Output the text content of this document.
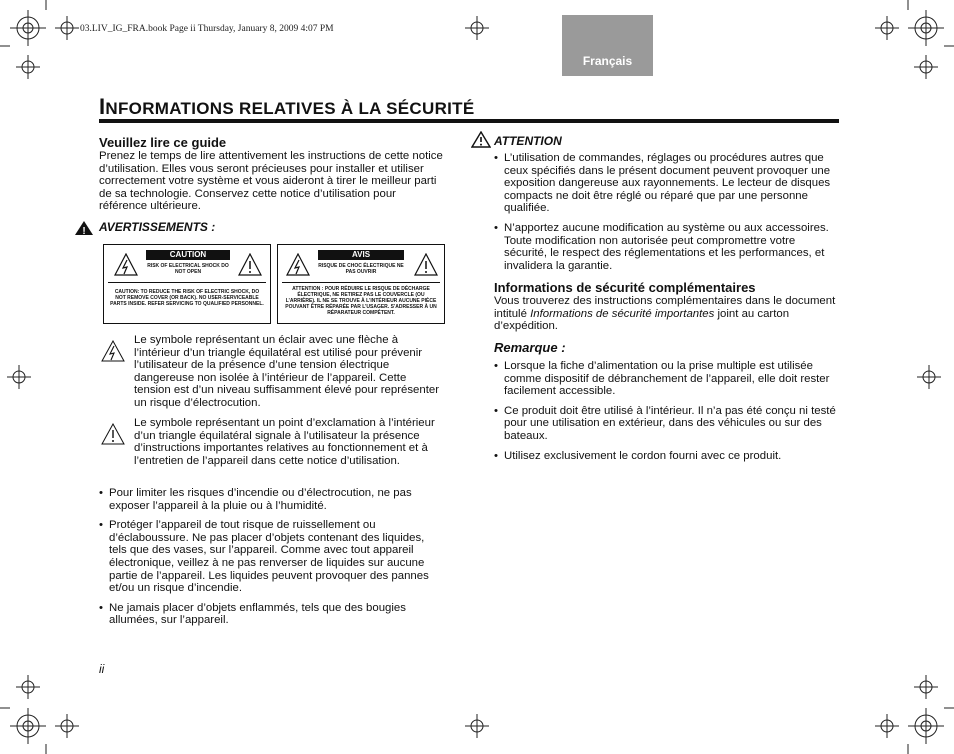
03.LIV_IG_FRA.book Page ii Thursday, January 8, 2009 4:07 PM
Français
INFORMATIONS RELATIVES À LA SÉCURITÉ

Veuillez lire ce guide

Prenez le temps de lire attentivement les instructions de cette notice d’utilisation. Elles vous seront précieuses pour installer et utiliser correctement votre système et vous aideront à tirer le meilleur parti de sa technologie. Conservez cette notice d’utilisation pour référence ultérieure.

! AVERTISSEMENTS :
CAUTION
RISK OF ELECTRICAL SHOCK DO NOT OPEN
CAUTION: TO REDUCE THE RISK OF ELECTRIC SHOCK, DO NOT REMOVE COVER (OR BACK). NO USER-SERVICEABLE PARTS INSIDE. REFER SERVICING TO QUALIFIED PERSONNEL.
AVIS
RISQUE DE CHOC ÉLECTRIQUE NE PAS OUVRIR
ATTENTION : POUR RÉDUIRE LE RISQUE DE DÉCHARGE ÉLECTRIQUE, NE RETIREZ PAS LE COUVERCLE (OU L’ARRIÈRE). IL NE SE TROUVE À L’INTÉRIEUR AUCUNE PIÈCE POUVANT ÊTRE RÉPARÉE PAR L’USAGER. S’ADRESSER À UN RÉPARATEUR COMPÉTENT.
Le symbole représentant un éclair avec une flèche à l’intérieur d’un triangle équilatéral est utilisé pour prévenir l’utilisateur de la présence d’une tension électrique dangereuse non isolée à l’intérieur de l’appareil. Cette tension est d’un niveau suffisamment élevé pour représenter un risque d’électrocution.
Le symbole représentant un point d’exclamation à l’intérieur d’un triangle équilatéral signale à l’utilisateur la présence d’instructions importantes relatives au fonctionnement et à l’entretien de l’appareil dans cette notice d’utilisation.
• Pour limiter les risques d’incendie ou d’électrocution, ne pas exposer l’appareil à la pluie ou à l’humidité.
• Protéger l’appareil de tout risque de ruissellement ou d’éclaboussure. Ne pas placer d’objets contenant des liquides, tels que des vases, sur l’appareil. Comme avec tout appareil électronique, veillez à ne pas renverser de liquides sur aucune partie de l’appareil. Les liquides peuvent provoquer des pannes et/ou un risque d’incendie.
• Ne jamais placer d’objets enflammés, tels que des bougies allumées, sur l’appareil.
ATTENTION
• L’utilisation de commandes, réglages ou procédures autres que ceux spécifiés dans le présent document peuvent provoquer une exposition dangereuse aux rayonnements. Le lecteur de disques compacts ne doit être réglé ou réparé que par une personne qualifiée.
• N’apportez aucune modification au système ou aux accessoires. Toute modification non autorisée peut compromettre votre sécurité, le respect des réglementations et les performances, et invalidera la garantie.

Informations de sécurité complémentaires

Vous trouverez des instructions complémentaires dans le document intitulé Informations de sécurité importantes joint au carton d’expédition.

Remarque :
• Lorsque la fiche d’alimentation ou la prise multiple est utilisée comme dispositif de débranchement de l’appareil, elle doit rester facilement accessible.
• Ce produit doit être utilisé à l’intérieur. Il n’a pas été conçu ni testé pour une utilisation en extérieur, dans des véhicules ou sur des bateaux.
• Utilisez exclusivement le cordon fourni avec ce produit.
ii
